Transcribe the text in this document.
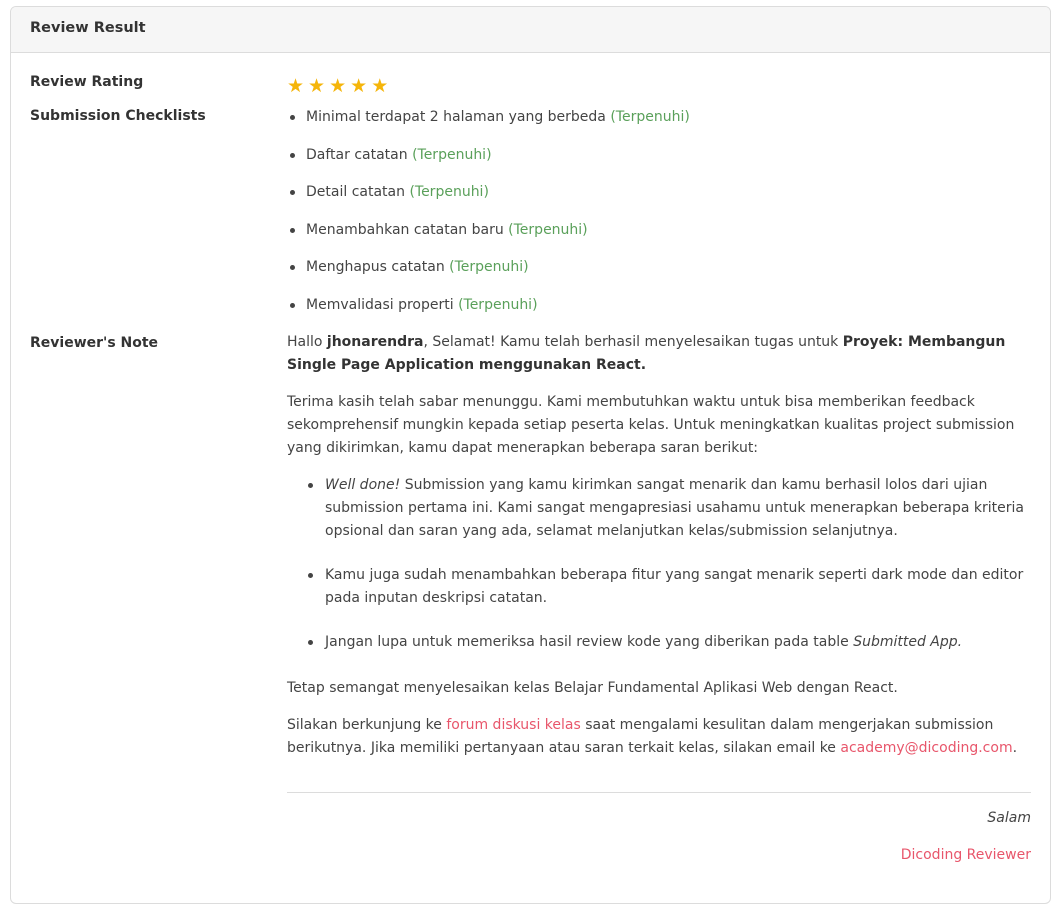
Review Result
Review Rating	★ ★ ★ ★ ★
Submission Checklists	Minimal terdapat 2 halaman yang berbeda (Terpenuhi)
Daftar catatan (Terpenuhi)
Detail catatan (Terpenuhi)
Menambahkan catatan baru (Terpenuhi)
Menghapus catatan (Terpenuhi)
Memvalidasi properti (Terpenuhi)
Reviewer's Note	Hallo jhonarendra, Selamat! Kamu telah berhasil menyelesaikan tugas untuk Proyek: Membangun Single Page Application menggunakan React.

Terima kasih telah sabar menunggu. Kami membutuhkan waktu untuk bisa memberikan feedback sekomprehensif mungkin kepada setiap peserta kelas. Untuk meningkatkan kualitas project submission yang dikirimkan, kamu dapat menerapkan beberapa saran berikut:

Well done! Submission yang kamu kirimkan sangat menarik dan kamu berhasil lolos dari ujian submission pertama ini. Kami sangat mengapresiasi usahamu untuk menerapkan beberapa kriteria opsional dan saran yang ada, selamat melanjutkan kelas/submission selanjutnya.
Kamu juga sudah menambahkan beberapa fitur yang sangat menarik seperti dark mode dan editor pada inputan deskripsi catatan.
Jangan lupa untuk memeriksa hasil review kode yang diberikan pada table Submitted App.

Tetap semangat menyelesaikan kelas Belajar Fundamental Aplikasi Web dengan React.

Silakan berkunjung ke forum diskusi kelas saat mengalami kesulitan dalam mengerjakan submission berikutnya. Jika memiliki pertanyaan atau saran terkait kelas, silakan email ke academy@dicoding.com.

Salam
Dicoding Reviewer
